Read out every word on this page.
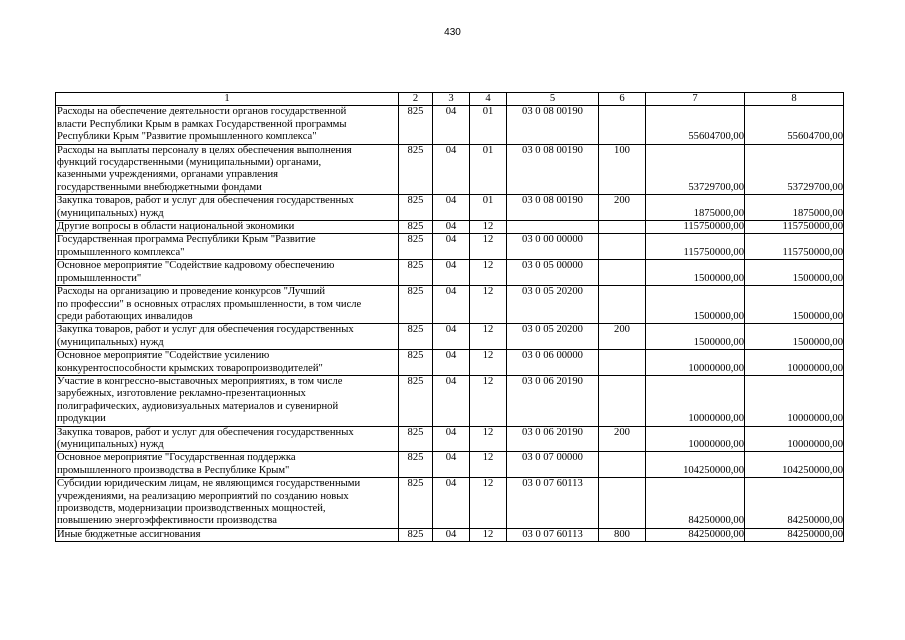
430
1	2	3	4	5	6	7	8

Расходы на обеспечение деятельности органов государственной
власти Республики Крым в рамках Государственной программы
Республики Крым "Развитие промышленного комплекса"	825	04	01	03 0 08 00190		55604700,00	55604700,00

Расходы на выплаты персоналу в целях обеспечения выполнения
функций государственными (муниципальными) органами,
казенными учреждениями, органами управления
государственными внебюджетными фондами	825	04	01	03 0 08 00190	100	53729700,00	53729700,00

Закупка товаров, работ и услуг для обеспечения государственных
(муниципальных) нужд	825	04	01	03 0 08 00190	200	1875000,00	1875000,00

Другие вопросы в области национальной экономики	825	04	12			115750000,00	115750000,00

Государственная программа Республики Крым "Развитие
промышленного комплекса"	825	04	12	03 0 00 00000		115750000,00	115750000,00

Основное мероприятие "Содействие кадровому обеспечению
промышленности"	825	04	12	03 0 05 00000		1500000,00	1500000,00

Расходы на организацию и проведение конкурсов "Лучший
по профессии" в основных отраслях промышленности, в том числе
среди работающих инвалидов	825	04	12	03 0 05 20200		1500000,00	1500000,00

Закупка товаров, работ и услуг для обеспечения государственных
(муниципальных) нужд	825	04	12	03 0 05 20200	200	1500000,00	1500000,00

Основное мероприятие "Содействие усилению
конкурентоспособности крымских товаропроизводителей"	825	04	12	03 0 06 00000		10000000,00	10000000,00

Участие в конгрессно-выставочных мероприятиях, в том числе
зарубежных, изготовление рекламно-презентационных
полиграфических, аудиовизуальных материалов и сувенирной
продукции	825	04	12	03 0 06 20190		10000000,00	10000000,00

Закупка товаров, работ и услуг для обеспечения государственных
(муниципальных) нужд	825	04	12	03 0 06 20190	200	10000000,00	10000000,00

Основное мероприятие "Государственная поддержка
промышленного производства в Республике Крым"	825	04	12	03 0 07 00000		104250000,00	104250000,00

Субсидии юридическим лицам, не являющимся государственными
учреждениями, на реализацию мероприятий по созданию новых
производств, модернизации производственных мощностей,
повышению энергоэффективности производства	825	04	12	03 0 07 60113		84250000,00	84250000,00

Иные бюджетные ассигнования	825	04	12	03 0 07 60113	800	84250000,00	84250000,00
